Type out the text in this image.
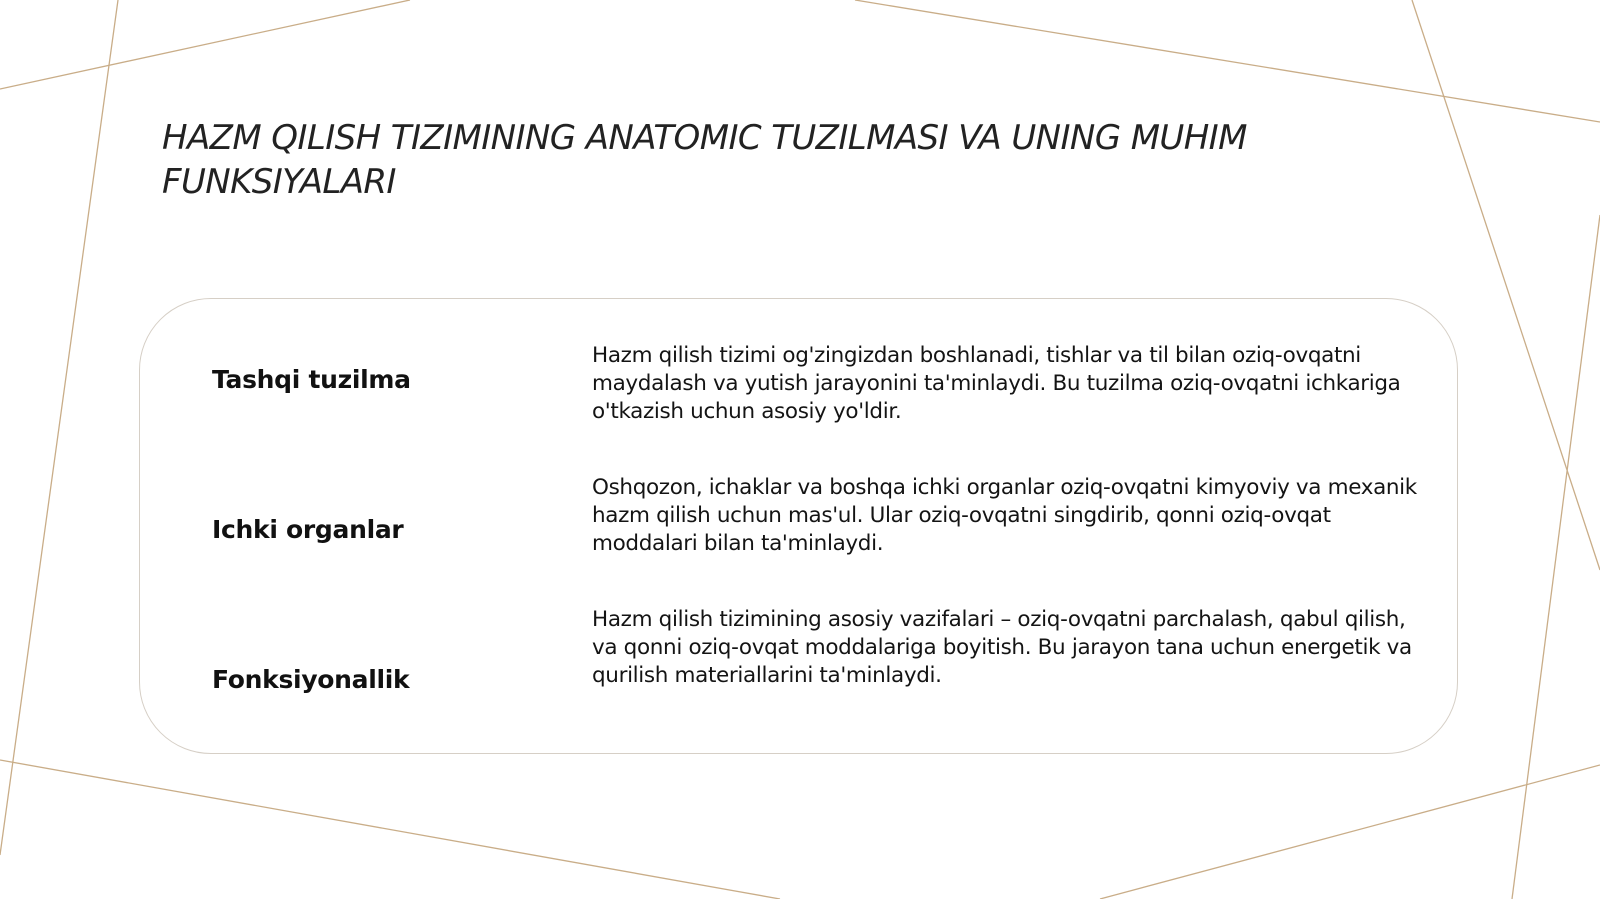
HAZM QILISH TIZIMINING ANATOMIC TUZILMASI VA UNING MUHIM FUNKSIYALARI

Tashqi tuzilma

Hazm qilish tizimi og'zingizdan boshlanadi, tishlar va til bilan oziq-ovqatni maydalash va yutish jarayonini ta'minlaydi. Bu tuzilma oziq-ovqatni ichkariga o'tkazish uchun asosiy yo'ldir.

Ichki organlar

Oshqozon, ichaklar va boshqa ichki organlar oziq-ovqatni kimyoviy va mexanik hazm qilish uchun mas'ul. Ular oziq-ovqatni singdirib, qonni oziq-ovqat moddalari bilan ta'minlaydi.

Fonksiyonallik

Hazm qilish tizimining asosiy vazifalari – oziq-ovqatni parchalash, qabul qilish, va qonni oziq-ovqat moddalariga boyitish. Bu jarayon tana uchun energetik va qurilish materiallarini ta'minlaydi.
